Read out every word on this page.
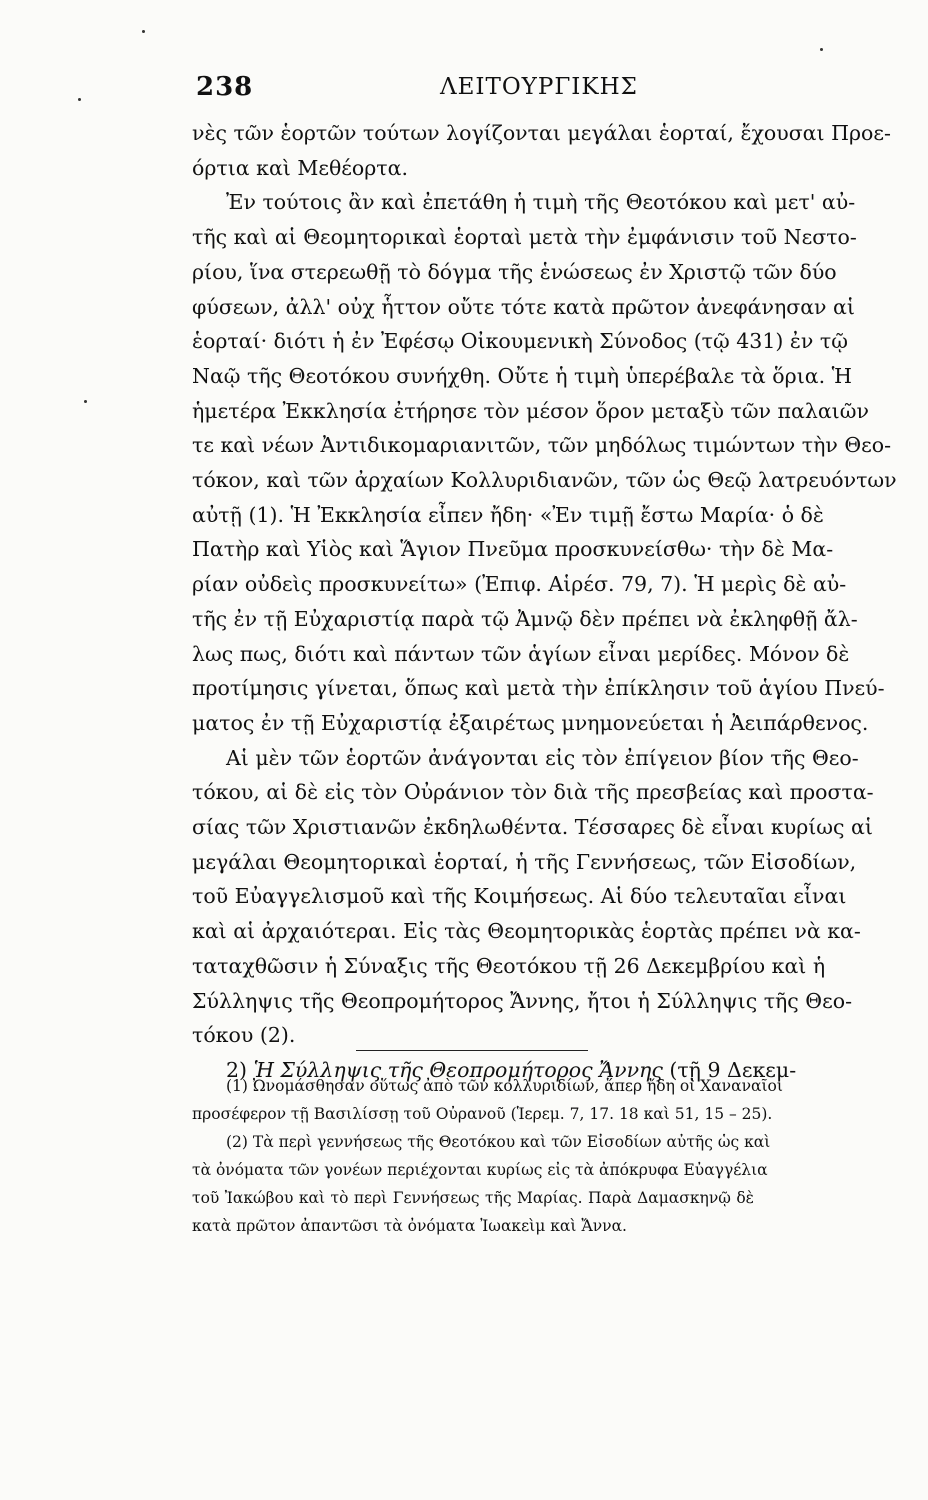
238	ΛΕΙΤΟΥΡΓΙΚΗΣ
νὲς τῶν ἑορτῶν τούτων λογίζονται μεγάλαι ἑορταί, ἔχουσαι Προε-
όρτια καὶ Μεθέορτα.
Ἐν τούτοις ἂν καὶ ἐπετάθη ἡ τιμὴ τῆς Θεοτόκου καὶ μετ' αὐ-
τῆς καὶ αἱ Θεομητορικαὶ ἑορταὶ μετὰ τὴν ἐμφάνισιν τοῦ Νεστο-
ρίου, ἵνα στερεωθῇ τὸ δόγμα τῆς ἑνώσεως ἐν Χριστῷ τῶν δύο
φύσεων, ἀλλ' οὐχ ἧττον οὔτε τότε κατὰ πρῶτον ἀνεφάνησαν αἱ
ἑορταί· διότι ἡ ἐν Ἐφέσῳ Οἰκουμενικὴ Σύνοδος (τῷ 431) ἐν τῷ
Ναῷ τῆς Θεοτόκου συνήχθη. Οὔτε ἡ τιμὴ ὑπερέβαλε τὰ ὅρια. Ἡ
ἡμετέρα Ἐκκλησία ἐτήρησε τὸν μέσον ὅρον μεταξὺ τῶν παλαιῶν
τε καὶ νέων Ἀντιδικομαριανιτῶν, τῶν μηδόλως τιμώντων τὴν Θεο-
τόκον, καὶ τῶν ἀρχαίων Κολλυριδιανῶν, τῶν ὡς Θεῷ λατρευόντων
αὐτῇ (1). Ἡ Ἐκκλησία εἶπεν ἤδη· «Ἐν τιμῇ ἔστω Μαρία· ὁ δὲ
Πατὴρ καὶ Υἱὸς καὶ Ἅγιον Πνεῦμα προσκυνείσθω· τὴν δὲ Μα-
ρίαν οὐδεὶς προσκυνείτω» (Ἐπιφ. Αἱρέσ. 79, 7). Ἡ μερὶς δὲ αὐ-
τῆς ἐν τῇ Εὐχαριστίᾳ παρὰ τῷ Ἀμνῷ δὲν πρέπει νὰ ἐκληφθῇ ἄλ-
λως πως, διότι καὶ πάντων τῶν ἁγίων εἶναι μερίδες. Μόνον δὲ
προτίμησις γίνεται, ὅπως καὶ μετὰ τὴν ἐπίκλησιν τοῦ ἁγίου Πνεύ-
ματος ἐν τῇ Εὐχαριστίᾳ ἐξαιρέτως μνημονεύεται ἡ Ἀειπάρθενος.
Αἱ μὲν τῶν ἑορτῶν ἀνάγονται εἰς τὸν ἐπίγειον βίον τῆς Θεο-
τόκου, αἱ δὲ εἰς τὸν Οὐράνιον τὸν διὰ τῆς πρεσβείας καὶ προστα-
σίας τῶν Χριστιανῶν ἐκδηλωθέντα. Τέσσαρες δὲ εἶναι κυρίως αἱ
μεγάλαι Θεομητορικαὶ ἑορταί, ἡ τῆς Γεννήσεως, τῶν Εἰσοδίων,
τοῦ Εὐαγγελισμοῦ καὶ τῆς Κοιμήσεως. Αἱ δύο τελευταῖαι εἶναι
καὶ αἱ ἀρχαιότεραι. Εἰς τὰς Θεομητορικὰς ἑορτὰς πρέπει νὰ κα-
ταταχθῶσιν ἡ Σύναξις τῆς Θεοτόκου τῇ 26 Δεκεμβρίου καὶ ἡ
Σύλληψις τῆς Θεοπρομήτορος Ἄννης, ἤτοι ἡ Σύλληψις τῆς Θεο-
τόκου (2).
2) Ἡ Σύλληψις τῆς Θεοπρομήτορος Ἄννης (τῇ 9 Δεκεμ-
(1) Ὠνομάσθησαν οὕτως ἀπὸ τῶν κολλυριδίων, ἅπερ ἤδη οἱ Χαναναῖοι
προσέφερον τῇ Βασιλίσσῃ τοῦ Οὐρανοῦ (Ἱερεμ. 7, 17. 18 καὶ 51, 15 – 25).
(2) Τὰ περὶ γεννήσεως τῆς Θεοτόκου καὶ τῶν Εἰσοδίων αὐτῆς ὡς καὶ
τὰ ὀνόματα τῶν γονέων περιέχονται κυρίως εἰς τὰ ἀπόκρυφα Εὐαγγέλια
τοῦ Ἰακώβου καὶ τὸ περὶ Γεννήσεως τῆς Μαρίας. Παρὰ Δαμασκηνῷ δὲ
κατὰ πρῶτον ἀπαντῶσι τὰ ὀνόματα Ἰωακεὶμ καὶ Ἄννα.
